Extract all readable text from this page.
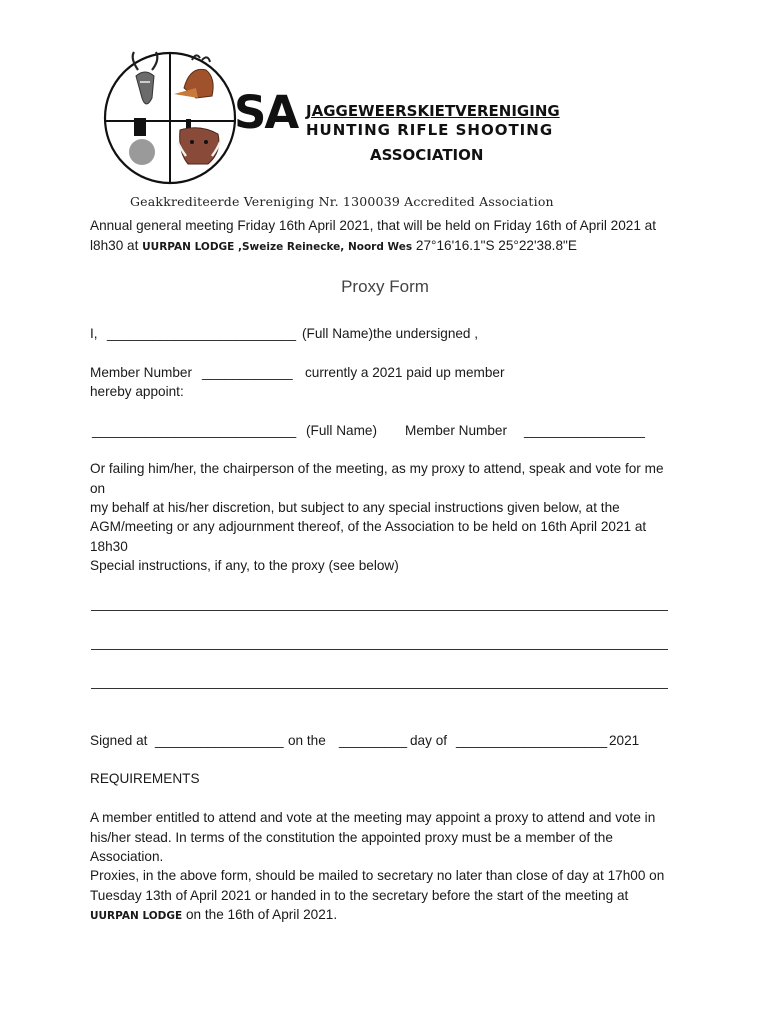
SA JAGGEWEERSKIETVERENIGING
HUNTING RIFLE SHOOTING
ASSOCIATION
Geakkrediteerde Vereniging Nr. 1300039 Accredited Association
Annual general meeting Friday 16th April 2021, that will be held on Friday 16th of April 2021 at
l8h30 at UURPAN LODGE ,Sweize Reinecke, Noord Wes 27°16'16.1"S 25°22'38.8"E
Proxy Form
I, _________________________ (Full Name)the undersigned ,
Member Number ____________ currently a 2021 paid up member
hereby appoint:
___________________________ (Full Name) Member Number ________________
Or failing him/her, the chairperson of the meeting, as my proxy to attend, speak and vote for me
on
my behalf at his/her discretion, but subject to any special instructions given below, at the
AGM/meeting or any adjournment thereof, of the Association to be held on 16th April 2021 at
18h30
Special instructions, if any, to the proxy (see below)
Signed at _________________ on the _________ day of ____________________ 2021
REQUIREMENTS
A member entitled to attend and vote at the meeting may appoint a proxy to attend and vote in
his/her stead. In terms of the constitution the appointed proxy must be a member of the
Association.
Proxies, in the above form, should be mailed to secretary no later than close of day at 17h00 on
Tuesday 13th of April 2021 or handed in to the secretary before the start of the meeting at
UURPAN LODGE on the 16th of April 2021.
